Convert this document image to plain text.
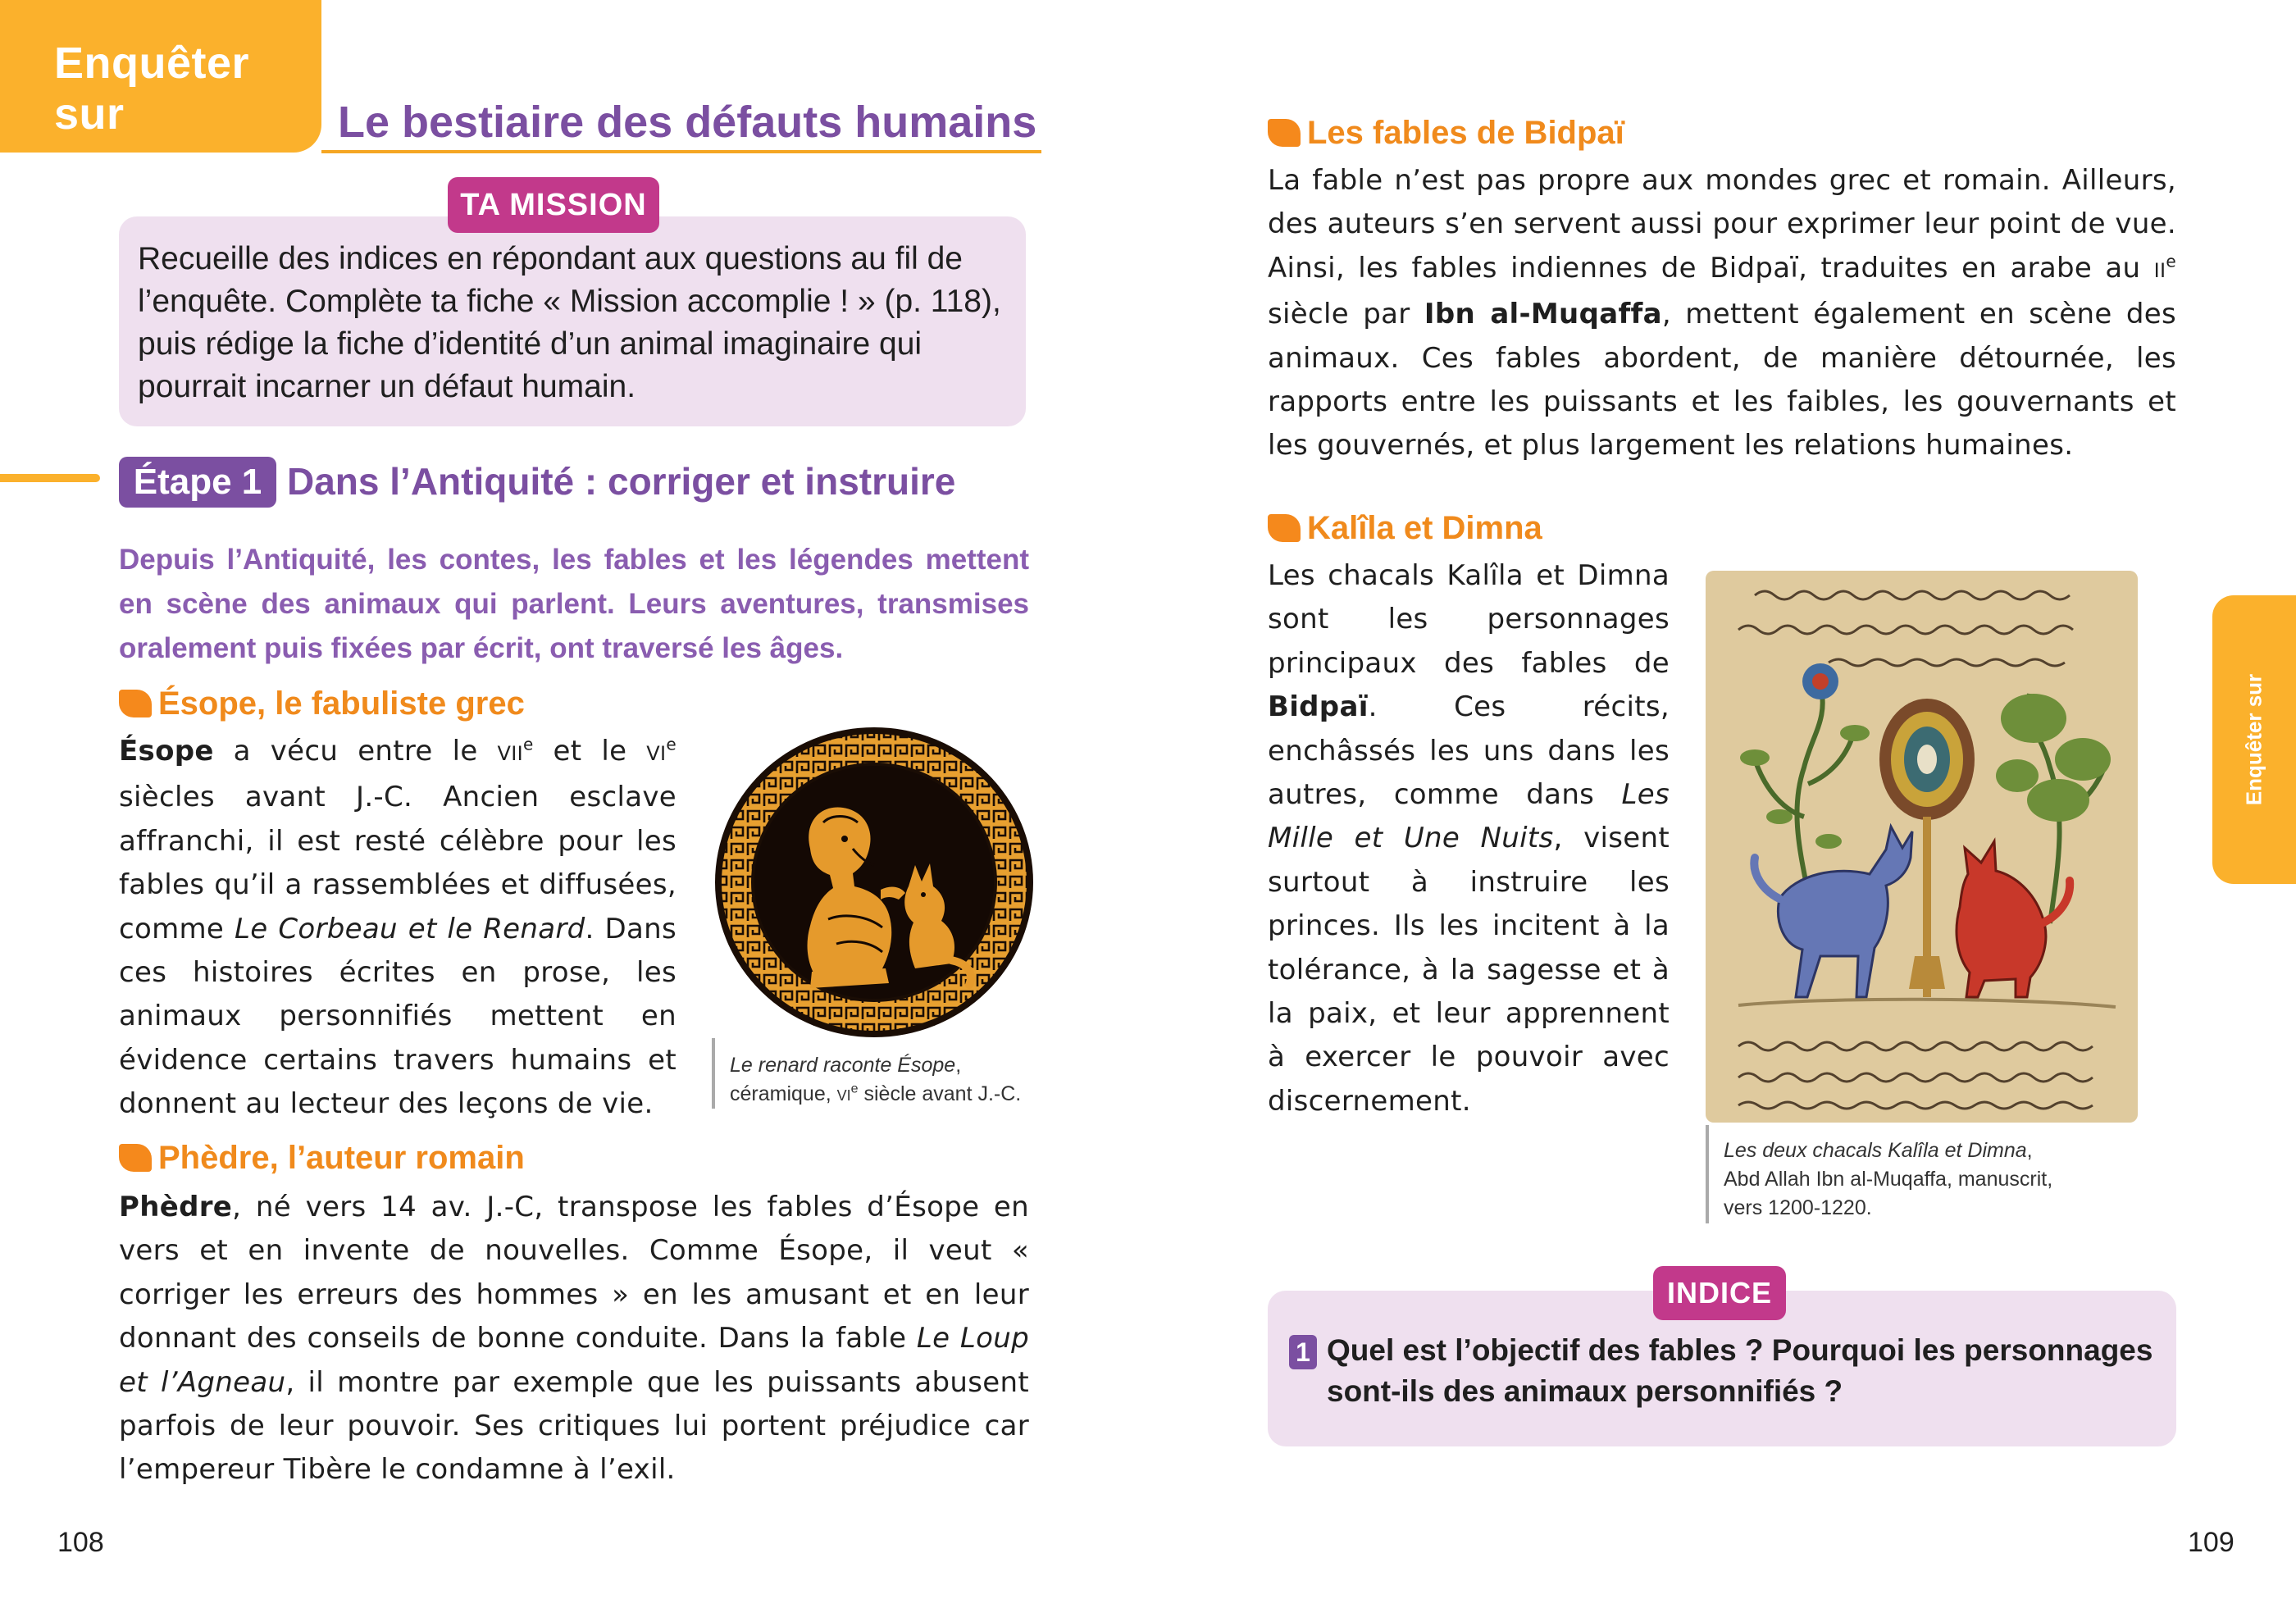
Enquêter sur	Le bestiaire des défauts humains
TA MISSION
Recueille des indices en répondant aux questions au fil de l’enquête. Complète ta fiche « Mission accomplie ! » (p. 118), puis rédige la fiche d’identité d’un animal imaginaire qui pourrait incarner un défaut humain.
Étape 1 Dans l’Antiquité : corriger et instruire
Depuis l’Antiquité, les contes, les fables et les légendes mettent en scène des animaux qui parlent. Leurs aventures, transmises oralement puis fixées par écrit, ont traversé les âges.
Ésope, le fabuliste grec
Ésope a vécu entre le VIIe et le VIe siècles avant J.-C. Ancien esclave affranchi, il est resté célèbre pour les fables qu’il a rassemblées et diffusées, comme Le Corbeau et le Renard. Dans ces histoires écrites en prose, les animaux personnifiés mettent en évidence certains travers humains et donnent au lecteur des leçons de vie.
Le renard raconte Ésope,
céramique, VIe siècle avant J.-C.
Phèdre, l’auteur romain
Phèdre, né vers 14 av. J.-C, transpose les fables d’Ésope en vers et en invente de nouvelles. Comme Ésope, il veut « corriger les erreurs des hommes » en les amusant et en leur donnant des conseils de bonne conduite. Dans la fable Le Loup et l’Agneau, il montre par exemple que les puissants abusent parfois de leur pouvoir. Ses critiques lui portent préjudice car l’empereur Tibère le condamne à l’exil.
108
Les fables de Bidpaï
La fable n’est pas propre aux mondes grec et romain. Ailleurs, des auteurs s’en servent aussi pour exprimer leur point de vue. Ainsi, les fables indiennes de Bidpaï, traduites en arabe au IIe siècle par Ibn al-Muqaffa, mettent également en scène des animaux. Ces fables abordent, de manière détournée, les rapports entre les puissants et les faibles, les gouvernants et les gouvernés, et plus largement les relations humaines.
Kalîla et Dimna
Les chacals Kalîla et Dimna sont les personnages principaux des fables de Bidpaï. Ces récits, enchâssés les uns dans les autres, comme dans Les Mille et Une Nuits, visent surtout à instruire les princes. Ils les incitent à la tolérance, à la sagesse et à la paix, et leur apprennent à exercer le pouvoir avec discernement.
Les deux chacals Kalîla et Dimna,
Abd Allah Ibn al-Muqaffa, manuscrit,
vers 1200-1220.
Enquêter sur
INDICE
1 Quel est l’objectif des fables ? Pourquoi les personnages sont-ils des animaux personnifiés ?
109
